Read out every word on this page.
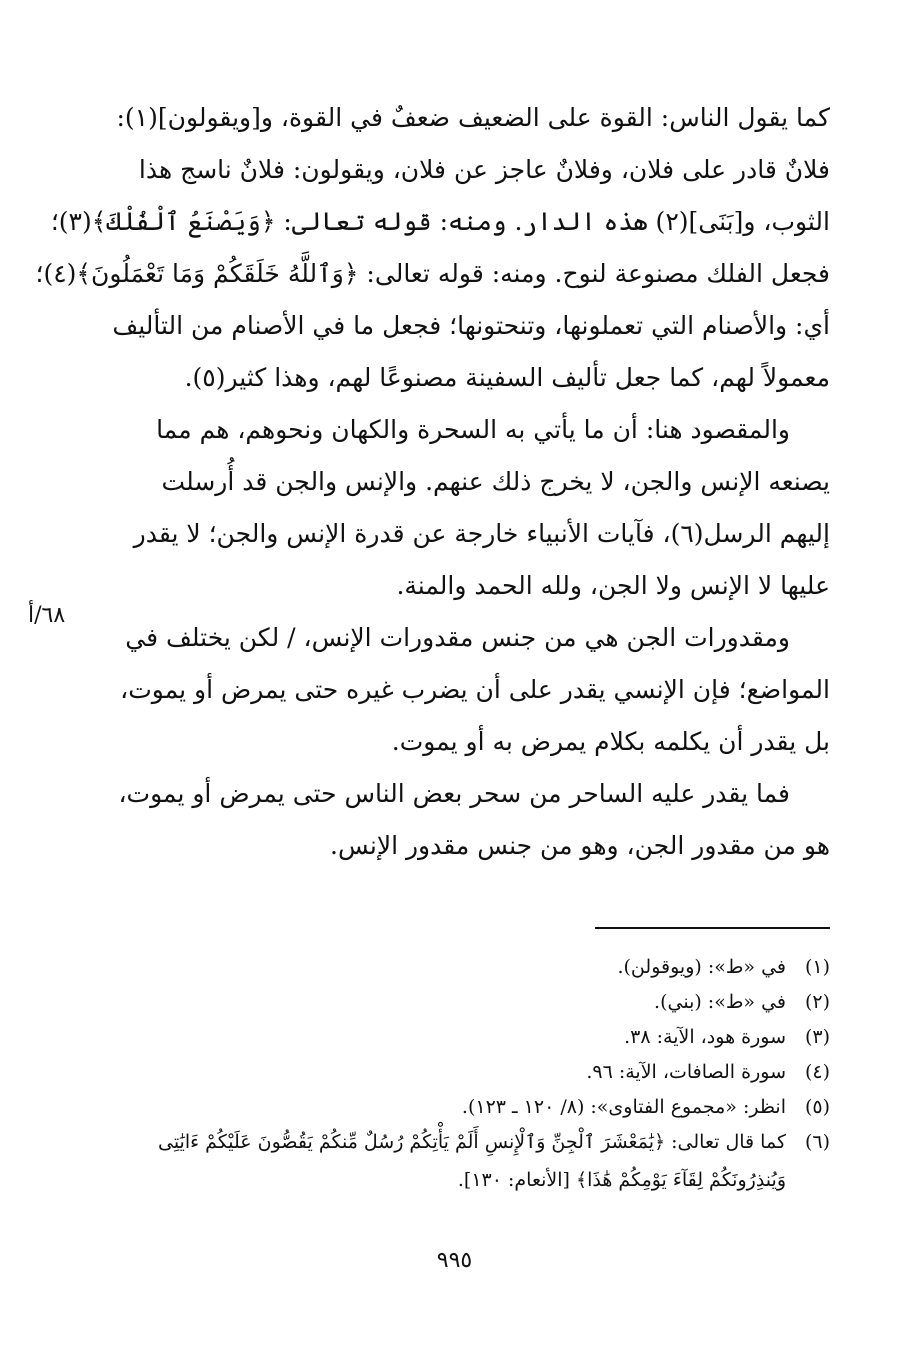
كما يقول الناس: القوة على الضعيف ضعفٌ في القوة، و[ويقولون](١):
فلانٌ قادر على فلان، وفلانٌ عاجز عن فلان، ويقولون: فلانٌ ناسج هذا
الثوب، و[بَنَى](٢) هذه الدار. ومنه: قوله تعالى: ﴿وَيَصْنَعُ ٱلْفُلْكَ﴾(٣)؛
فجعل الفلك مصنوعة لنوح. ومنه: قوله تعالى: ﴿وَٱللَّهُ خَلَقَكُمْ وَمَا تَعْمَلُونَ﴾(٤)؛
أي: والأصنام التي تعملونها، وتنحتونها؛ فجعل ما في الأصنام من التأليف
معمولاً لهم، كما جعل تأليف السفينة مصنوعًا لهم، وهذا كثير(٥).
والمقصود هنا: أن ما يأتي به السحرة والكهان ونحوهم، هم مما
يصنعه الإنس والجن، لا يخرج ذلك عنهم. والإنس والجن قد أُرسلت
إليهم الرسل(٦)، فآيات الأنبياء خارجة عن قدرة الإنس والجن؛ لا يقدر
عليها لا الإنس ولا الجن، ولله الحمد والمنة.
ومقدورات الجن هي من جنس مقدورات الإنس، / لكن يختلف في
المواضع؛ فإن الإنسي يقدر على أن يضرب غيره حتى يمرض أو يموت،
بل يقدر أن يكلمه بكلام يمرض به أو يموت.
فما يقدر عليه الساحر من سحر بعض الناس حتى يمرض أو يموت،
هو من مقدور الجن، وهو من جنس مقدور الإنس.
٦٨/أ
(١)
في «ط»: (ويوقولن).
(٢)
في «ط»: (بني).
(٣)
سورة هود، الآية: ٣٨.
(٤)
سورة الصافات، الآية: ٩٦.
(٥)
انظر: «مجموع الفتاوى»: (٨/ ١٢٠ ـ ١٢٣).
(٦)
كما قال تعالى: ﴿يَٰمَعْشَرَ ٱلْجِنِّ وَٱلْإِنسِ أَلَمْ يَأْتِكُمْ رُسُلٌ مِّنكُمْ يَقُصُّونَ عَلَيْكُمْ ءَايَٰتِى
وَيُنذِرُونَكُمْ لِقَآءَ يَوْمِكُمْ هَٰذَا﴾ [الأنعام: ١٣٠].
٩٩٥
